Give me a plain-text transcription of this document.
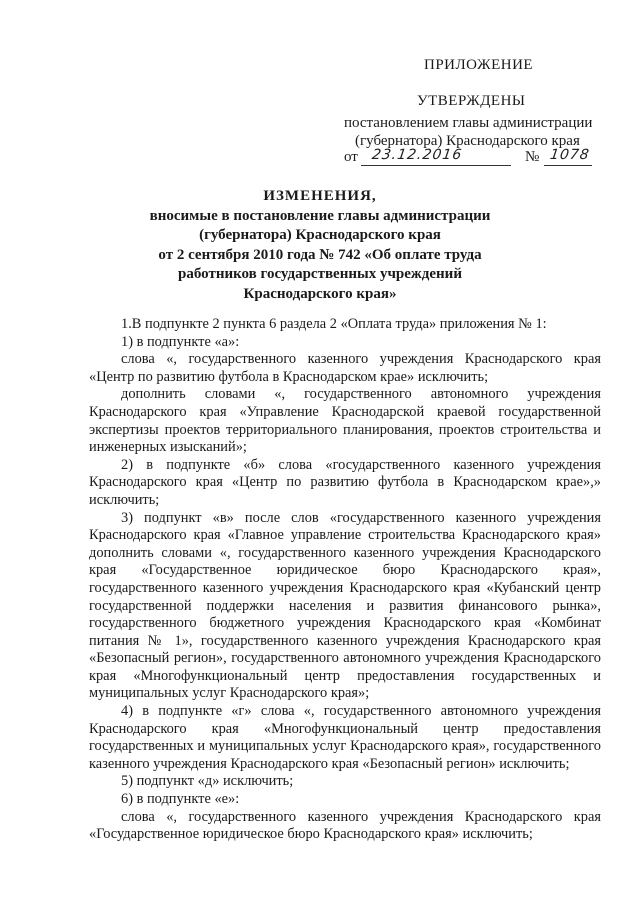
ПРИЛОЖЕНИЕ
УТВЕРЖДЕНЫ
постановлением главы администрации
(губернатора) Краснодарского края
от 23.12.2016	№ 1078
ИЗМЕНЕНИЯ,
вносимые в постановление главы администрации
(губернатора) Краснодарского края
от 2 сентября 2010 года № 742 «Об оплате труда
работников государственных учреждений
Краснодарского края»

1.В подпункте 2 пункта 6 раздела 2 «Оплата труда» приложения № 1:

1) в подпункте «а»:

слова «, государственного казенного учреждения Краснодарского края «Центр по развитию футбола в Краснодарском крае» исключить;

дополнить словами «, государственного автономного учреждения Краснодарского края «Управление Краснодарской краевой государственной экспертизы проектов территориального планирования, проектов строительства и инженерных изысканий»;

2) в подпункте «б» слова «государственного казенного учреждения Краснодарского края «Центр по развитию футбола в Краснодарском крае»,» исключить;

3) подпункт «в» после слов «государственного казенного учреждения Краснодарского края «Главное управление строительства Краснодарского края» дополнить словами «, государственного казенного учреждения Краснодарского края «Государственное юридическое бюро Краснодарского края», государственного казенного учреждения Краснодарского края «Кубанский центр государственной поддержки населения и развития финансового рынка», государственного бюджетного учреждения Краснодарского края «Комбинат питания № 1», государственного казенного учреждения Краснодарского края «Безопасный регион», государственного автономного учреждения Краснодарского края «Многофункциональный центр предоставления государственных и муниципальных услуг Краснодарского края»;

4) в подпункте «г» слова «, государственного автономного учреждения Краснодарского края «Многофункциональный центр предоставления государственных и муниципальных услуг Краснодарского края», государственного казенного учреждения Краснодарского края «Безопасный регион» исключить;

5) подпункт «д» исключить;

6) в подпункте «е»:

слова «, государственного казенного учреждения Краснодарского края «Государственное юридическое бюро Краснодарского края» исключить;
